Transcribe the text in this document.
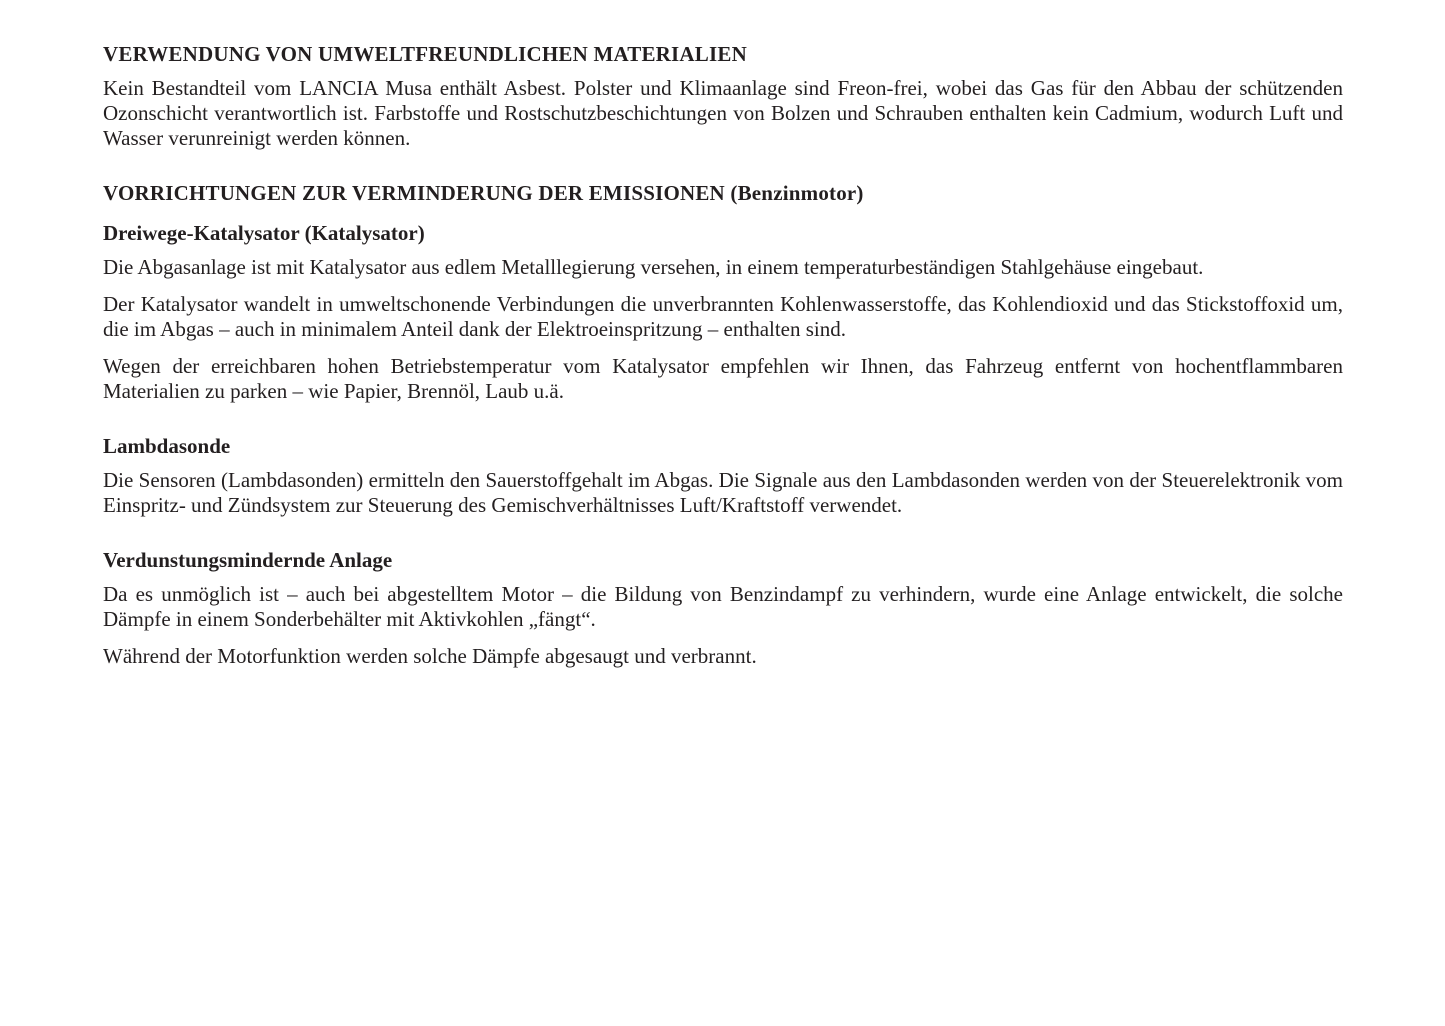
VERWENDUNG VON UMWELTFREUNDLICHEN MATERIALIEN

Kein Bestandteil vom LANCIA Musa enthält Asbest. Polster und Klimaanlage sind Freon-frei, wobei das Gas für den Abbau der schützenden Ozonschicht verantwortlich ist. Farbstoffe und Rostschutzbeschichtungen von Bolzen und Schrauben enthalten kein Cadmium, wodurch Luft und Wasser verunreinigt werden können.

VORRICHTUNGEN ZUR VERMINDERUNG DER EMISSIONEN (Benzinmotor)
Dreiwege-Katalysator (Katalysator)

Die Abgasanlage ist mit Katalysator aus edlem Metalllegierung versehen, in einem temperaturbeständigen Stahlgehäuse eingebaut.

Der Katalysator wandelt in umweltschonende Verbindungen die unverbrannten Kohlenwasserstoffe, das Kohlendioxid und das Stickstoffoxid um, die im Abgas – auch in minimalem Anteil dank der Elektroeinspritzung – enthalten sind.

Wegen der erreichbaren hohen Betriebstemperatur vom Katalysator empfehlen wir Ihnen, das Fahrzeug entfernt von hochentflammbaren Materialien zu parken – wie Papier, Brennöl, Laub u.ä.

Lambdasonde

Die Sensoren (Lambdasonden) ermitteln den Sauerstoffgehalt im Abgas. Die Signale aus den Lambdasonden werden von der Steuerelektronik vom Einspritz- und Zündsystem zur Steuerung des Gemischverhältnisses Luft/Kraftstoff verwendet.

Verdunstungsmindernde Anlage

Da es unmöglich ist – auch bei abgestelltem Motor – die Bildung von Benzindampf zu verhindern, wurde eine Anlage entwickelt, die solche Dämpfe in einem Sonderbehälter mit Aktivkohlen „fängt“.

Während der Motorfunktion werden solche Dämpfe abgesaugt und verbrannt.
